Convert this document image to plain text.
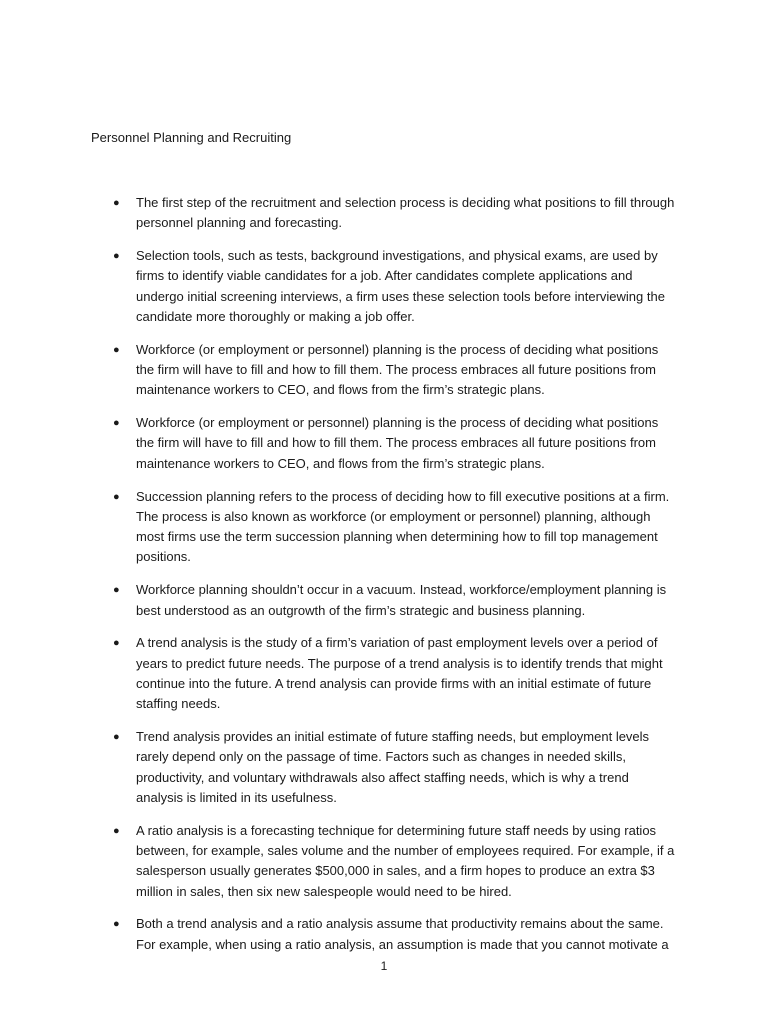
Personnel Planning and Recruiting
● The first step of the recruitment and selection process is deciding what positions to fill through personnel planning and forecasting.
● Selection tools, such as tests, background investigations, and physical exams, are used by firms to identify viable candidates for a job. After candidates complete applications and undergo initial screening interviews, a firm uses these selection tools before interviewing the candidate more thoroughly or making a job offer.
● Workforce (or employment or personnel) planning is the process of deciding what positions the firm will have to fill and how to fill them. The process embraces all future positions from maintenance workers to CEO, and flows from the firm’s strategic plans.
● Workforce (or employment or personnel) planning is the process of deciding what positions the firm will have to fill and how to fill them. The process embraces all future positions from maintenance workers to CEO, and flows from the firm’s strategic plans.
● Succession planning refers to the process of deciding how to fill executive positions at a firm. The process is also known as workforce (or employment or personnel) planning, although most firms use the term succession planning when determining how to fill top management positions.
● Workforce planning shouldn’t occur in a vacuum. Instead, workforce/employment planning is best understood as an outgrowth of the firm’s strategic and business planning.
● A trend analysis is the study of a firm’s variation of past employment levels over a period of years to predict future needs. The purpose of a trend analysis is to identify trends that might continue into the future. A trend analysis can provide firms with an initial estimate of future staffing needs.
● Trend analysis provides an initial estimate of future staffing needs, but employment levels rarely depend only on the passage of time. Factors such as changes in needed skills, productivity, and voluntary withdrawals also affect staffing needs, which is why a trend analysis is limited in its usefulness.
● A ratio analysis is a forecasting technique for determining future staff needs by using ratios between, for example, sales volume and the number of employees required. For example, if a salesperson usually generates $500,000 in sales, and a firm hopes to produce an extra $3 million in sales, then six new salespeople would need to be hired.
● Both a trend analysis and a ratio analysis assume that productivity remains about the same. For example, when using a ratio analysis, an assumption is made that you cannot motivate a
1
